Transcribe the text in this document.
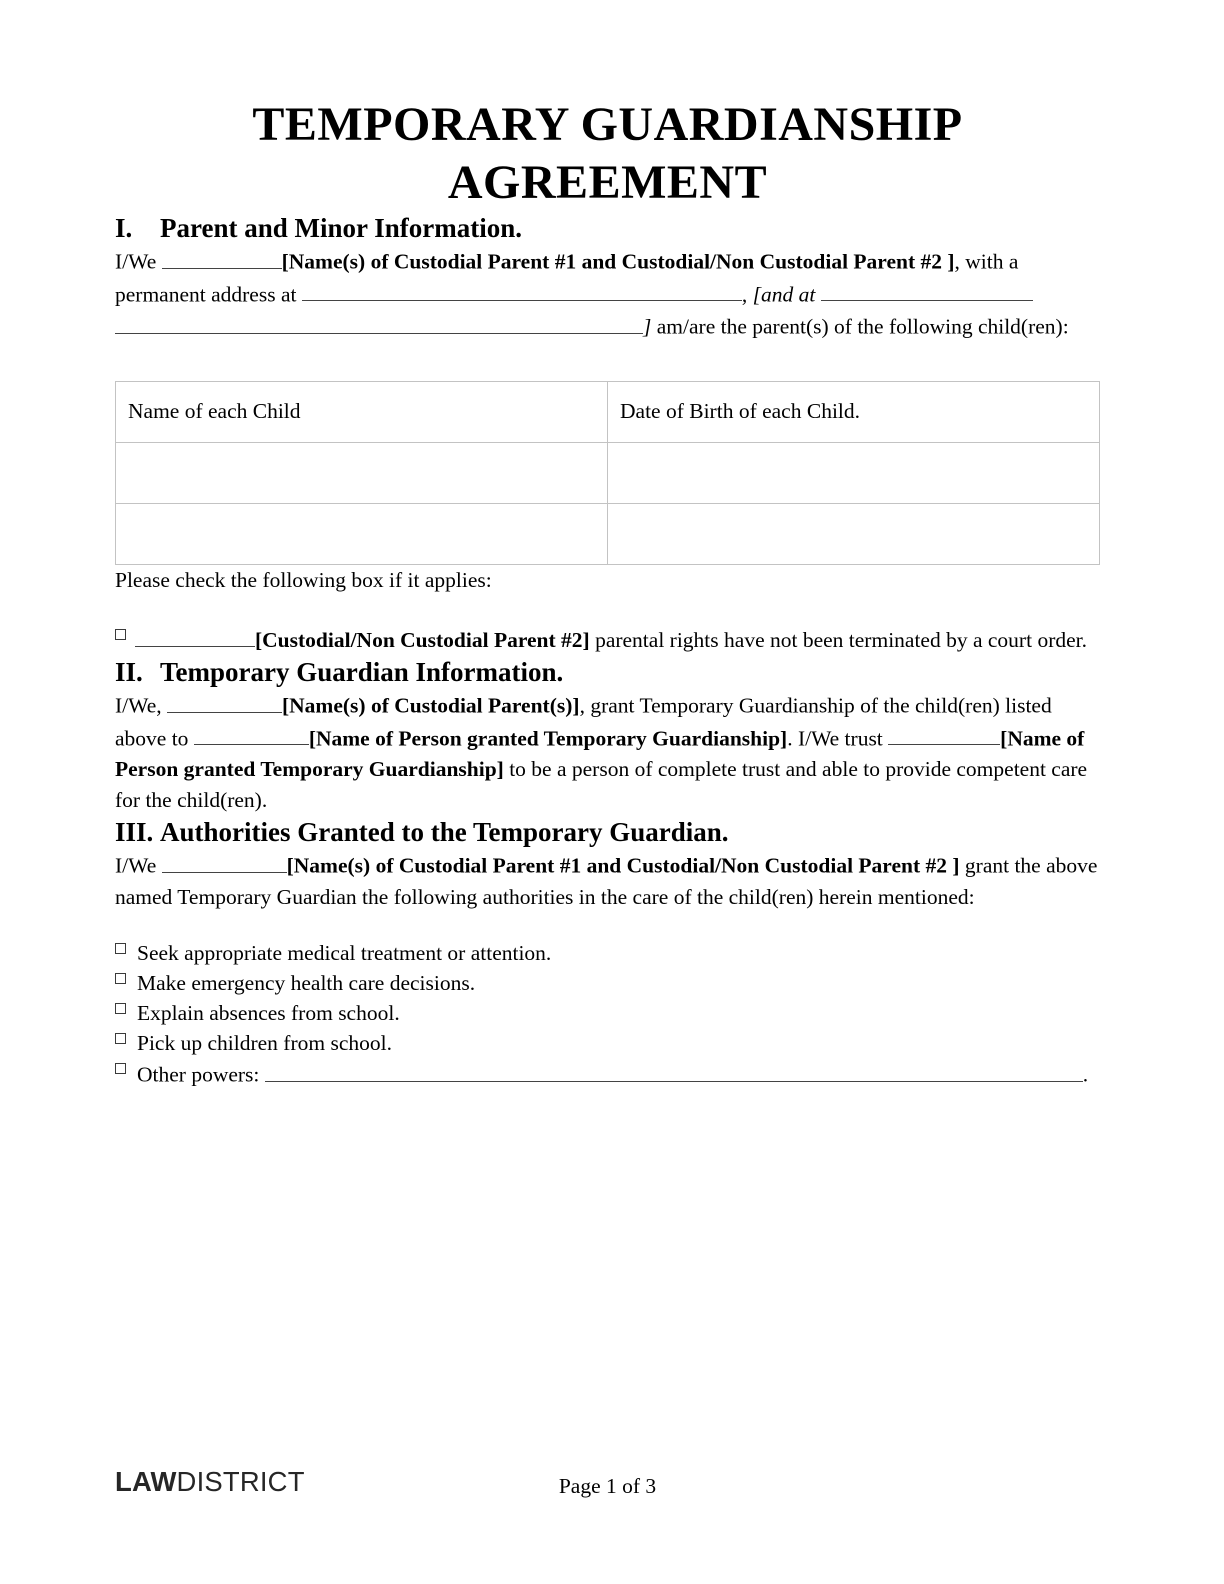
TEMPORARY GUARDIANSHIP
AGREEMENT
I.	Parent and Minor Information.

I/We	[Name(s) of Custodial Parent #1 and Custodial/Non Custodial Parent #2 ], with a permanent address at	, [and at  ] am/are the parent(s) of the following child(ren):

Name of each Child	Date of Birth of each Child.

Please check the following box if it applies:

[Custodial/Non Custodial Parent #2] parental rights have not been terminated by a court order.
II. Temporary Guardian Information.

I/We,	[Name(s) of Custodial Parent(s)], grant Temporary Guardianship of the child(ren) listed above to	[Name of Person granted Temporary Guardianship]. I/We trust	[Name of Person granted Temporary Guardianship] to be a person of complete trust and able to provide competent care for the child(ren).

III. Authorities Granted to the Temporary Guardian.

I/We	[Name(s) of Custodial Parent #1 and Custodial/Non Custodial Parent #2 ] grant the above named Temporary Guardian the following authorities in the care of the child(ren) herein mentioned:

Seek appropriate medical treatment or attention.
Make emergency health care decisions.
Explain absences from school.
Pick up children from school.
Other powers:	.
LAWDISTRICT	Page 1 of 3
